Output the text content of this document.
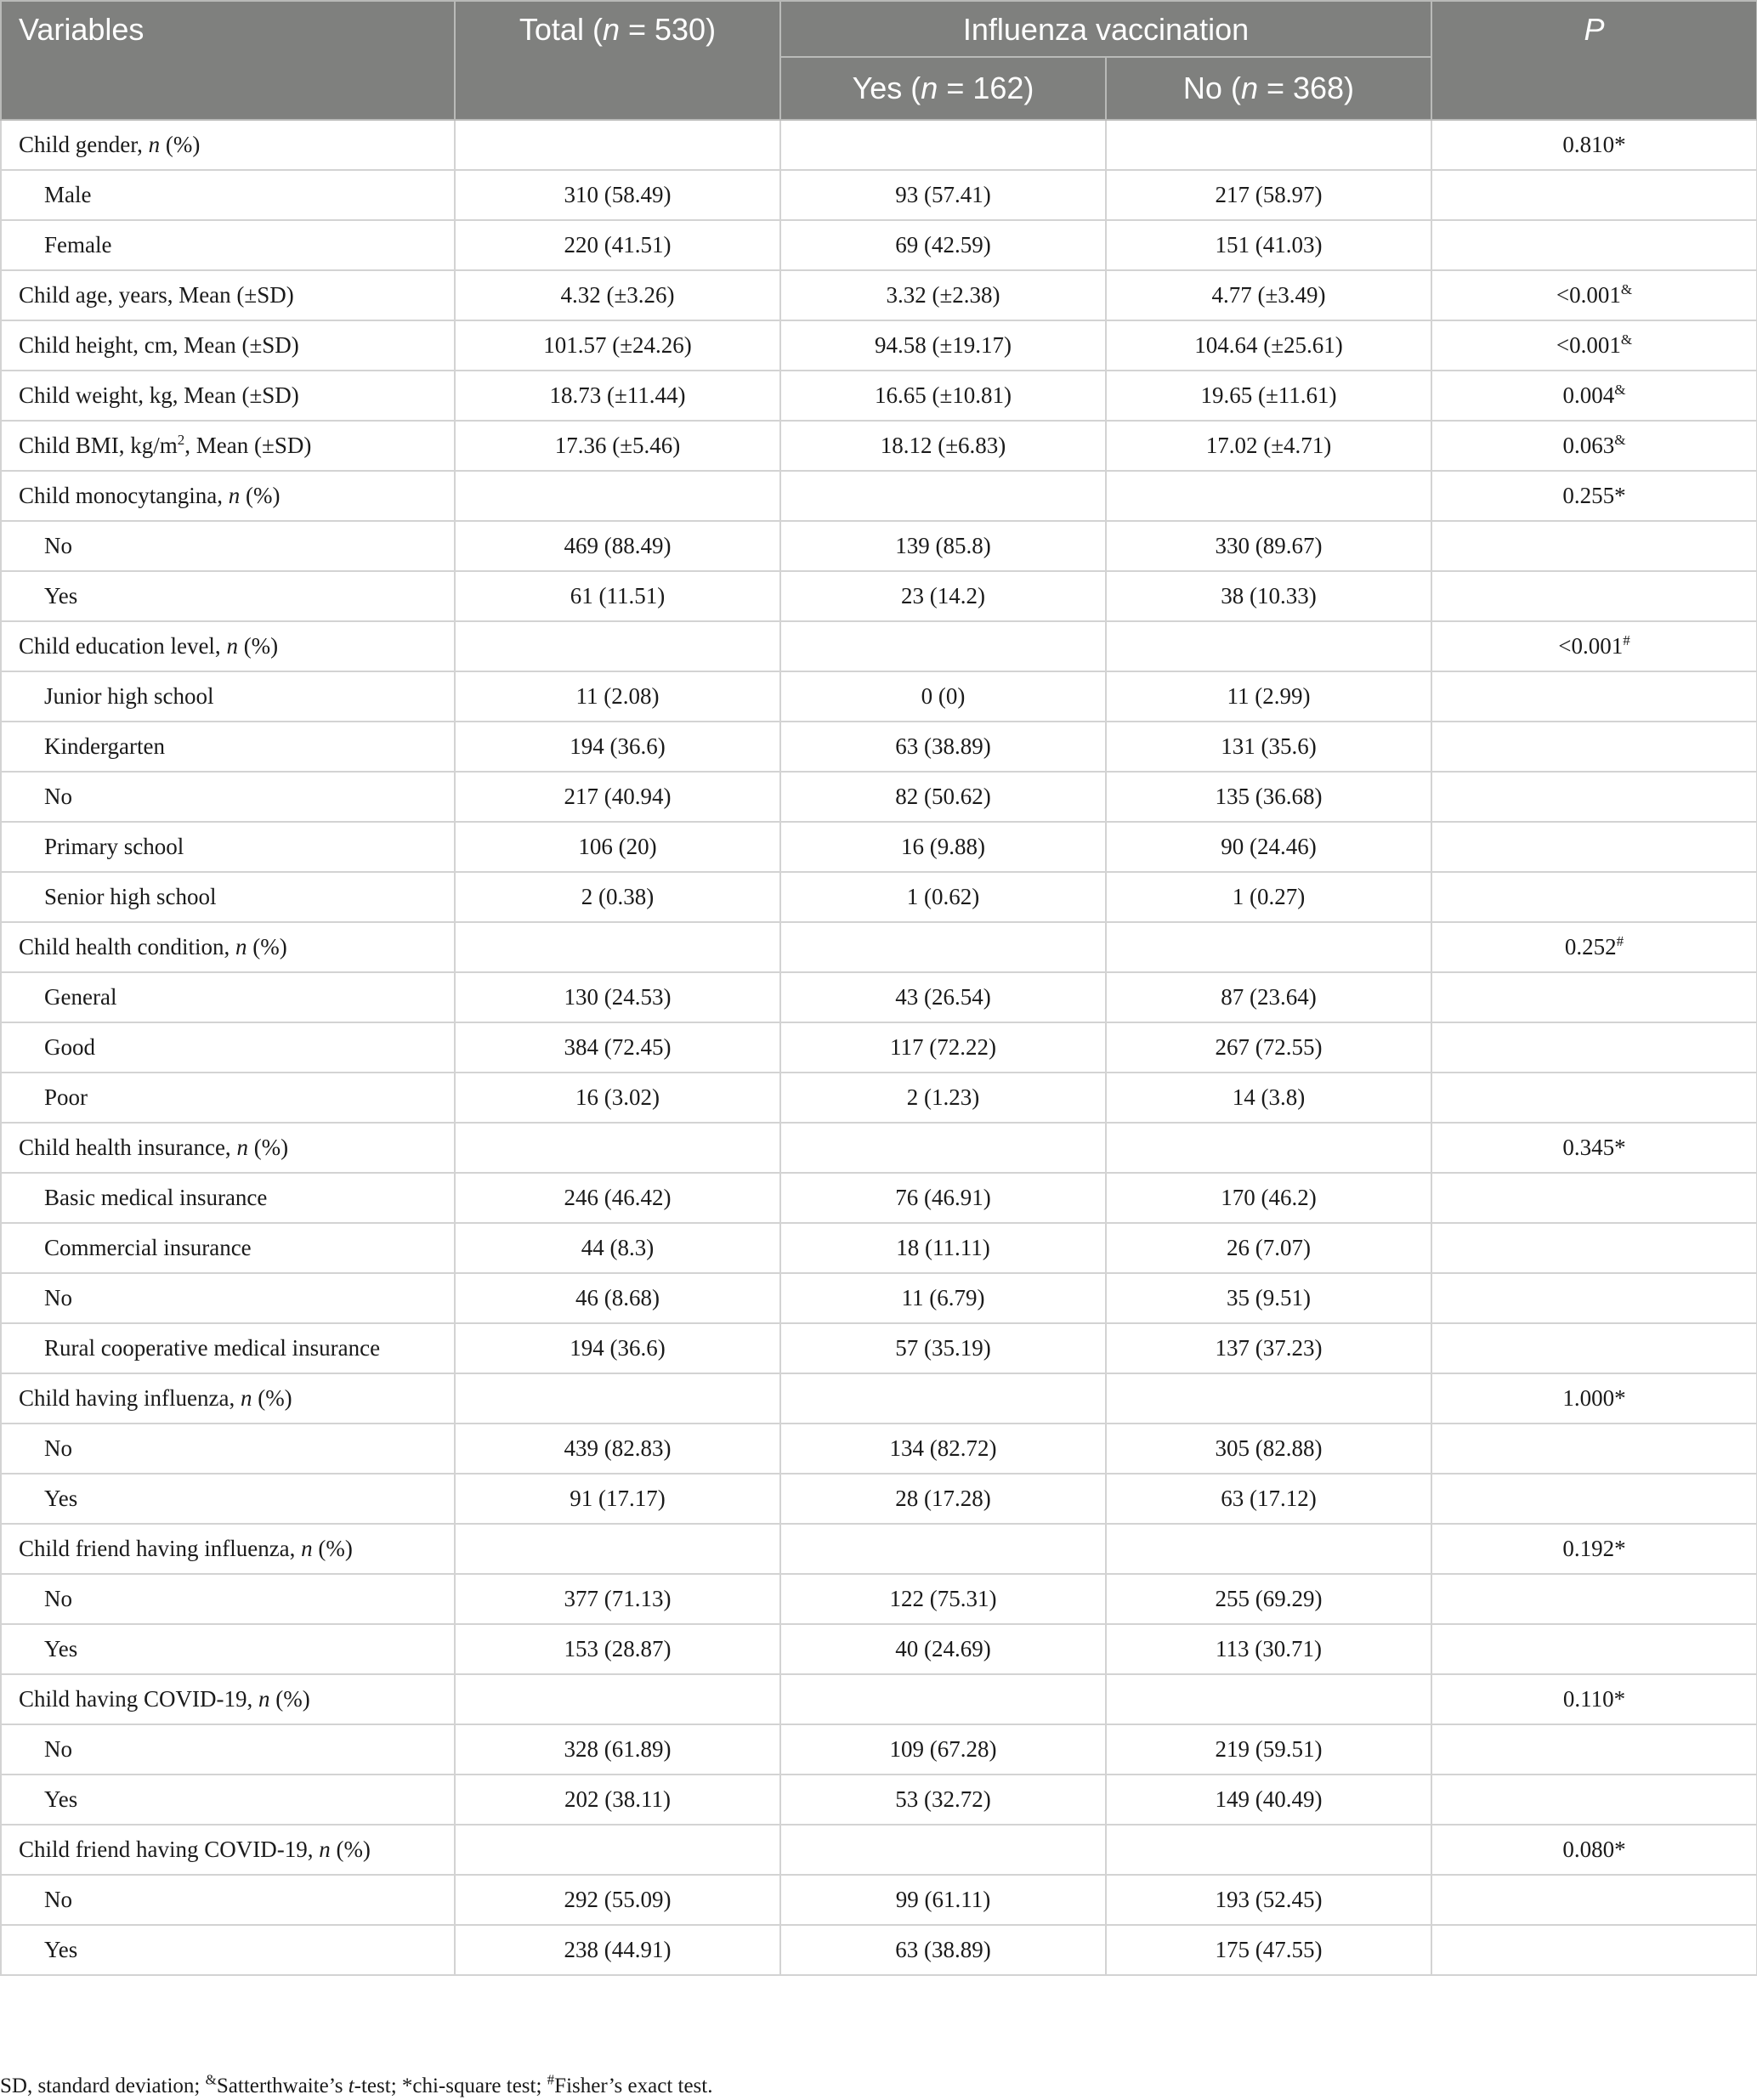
Variables	Total (n = 530)	Influenza vaccination		P
		Yes (n = 162)	No (n = 368)	
Child gender, n (%)				0.810*
Male	310 (58.49)	93 (57.41)	217 (58.97)	
Female	220 (41.51)	69 (42.59)	151 (41.03)	
Child age, years, Mean (±SD)	4.32 (±3.26)	3.32 (±2.38)	4.77 (±3.49)	<0.001&
Child height, cm, Mean (±SD)	101.57 (±24.26)	94.58 (±19.17)	104.64 (±25.61)	<0.001&
Child weight, kg, Mean (±SD)	18.73 (±11.44)	16.65 (±10.81)	19.65 (±11.61)	0.004&
Child BMI, $kg/m^2$, Mean (±SD)	17.36 (±5.46)	18.12 (±6.83)	17.02 (±4.71)	0.063&
Child monocytangina, n (%)				0.255*
No	469 (88.49)	139 (85.8)	330 (89.67)	
Yes	61 (11.51)	23 (14.2)	38 (10.33)	
Child education level, n (%)				<0.001#
Junior high school	11 (2.08)	0 (0)	11 (2.99)	
Kindergarten	194 (36.6)	63 (38.89)	131 (35.6)	
No	217 (40.94)	82 (50.62)	135 (36.68)	
Primary school	106 (20)	16 (9.88)	90 (24.46)	
Senior high school	2 (0.38)	1 (0.62)	1 (0.27)	
Child health condition, n (%)				0.252#
General	130 (24.53)	43 (26.54)	87 (23.64)	
Good	384 (72.45)	117 (72.22)	267 (72.55)	
Poor	16 (3.02)	2 (1.23)	14 (3.8)	
Child health insurance, n (%)				0.345*
Basic medical insurance	246 (46.42)	76 (46.91)	170 (46.2)	
Commercial insurance	44 (8.3)	18 (11.11)	26 (7.07)	
No	46 (8.68)	11 (6.79)	35 (9.51)	
Rural cooperative medical insurance	194 (36.6)	57 (35.19)	137 (37.23)	
Child having influenza, n (%)				1.000*
No	439 (82.83)	134 (82.72)	305 (82.88)	
Yes	91 (17.17)	28 (17.28)	63 (17.12)	
Child friend having influenza, n (%)				0.192*
No	377 (71.13)	122 (75.31)	255 (69.29)	
Yes	153 (28.87)	40 (24.69)	113 (30.71)	
Child having COVID-19, n (%)				0.110*
No	328 (61.89)	109 (67.28)	219 (59.51)	
Yes	202 (38.11)	53 (32.72)	149 (40.49)	
Child friend having COVID-19, n (%)				0.080*
No	292 (55.09)	99 (61.11)	193 (52.45)	
Yes	238 (44.91)	63 (38.89)	175 (47.55)	
SD, standard deviation; &Satterthwaite’s t-test; *chi-square test; #Fisher’s exact test.
